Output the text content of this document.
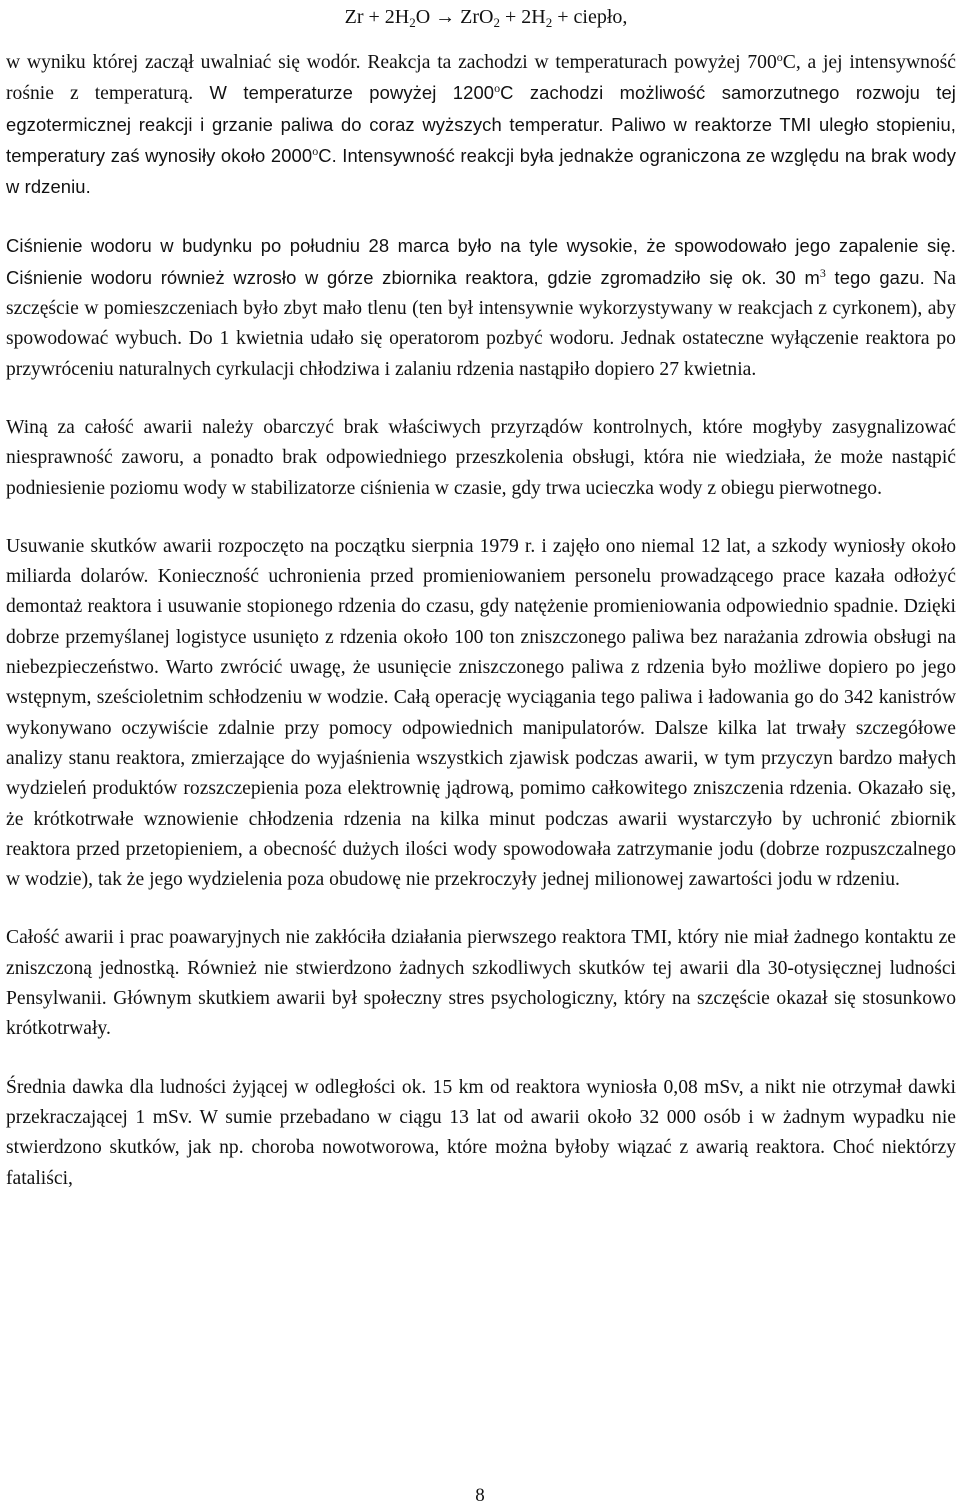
$Zr + 2H_2O \to ZrO_2 + 2H_2$ + ciepło,

w wyniku której zaczął uwalniać się wodór. Reakcja ta zachodzi w temperaturach powyżej 700$^o$C, a jej intensywność rośnie z temperaturą. W temperaturze powyżej 1200$^o$C zachodzi możliwość samorzutnego rozwoju tej egzotermicznej reakcji i grzanie paliwa do coraz wyższych temperatur. Paliwo w reaktorze TMI uległo stopieniu, temperatury zaś wynosiły około 2000$^o$C. Intensywność reakcji była jednakże ograniczona ze względu na brak wody w rdzeniu.

Ciśnienie wodoru w budynku po południu 28 marca było na tyle wysokie, że spowodowało jego zapalenie się. Ciśnienie wodoru również wzrosło w górze zbiornika reaktora, gdzie zgromadziło się ok. 30 $m^3$ tego gazu. Na szczęście w pomieszczeniach było zbyt mało tlenu (ten był intensywnie wykorzystywany w reakcjach z cyrkonem), aby spowodować wybuch. Do 1 kwietnia udało się operatorom pozbyć wodoru. Jednak ostateczne wyłączenie reaktora po przywróceniu naturalnych cyrkulacji chłodziwa i zalaniu rdzenia nastąpiło dopiero 27 kwietnia.

Winą za całość awarii należy obarczyć brak właściwych przyrządów kontrolnych, które mogłyby zasygnalizować niesprawność zaworu, a ponadto brak odpowiedniego przeszkolenia obsługi, która nie wiedziała, że może nastąpić podniesienie poziomu wody w stabilizatorze ciśnienia w czasie, gdy trwa ucieczka wody z obiegu pierwotnego.

Usuwanie skutków awarii rozpoczęto na początku sierpnia 1979 r. i zajęło ono niemal 12 lat, a szkody wyniosły około miliarda dolarów. Konieczność uchronienia przed promieniowaniem personelu prowadzącego prace kazała odłożyć demontaż reaktora i usuwanie stopionego rdzenia do czasu, gdy natężenie promieniowania odpowiednio spadnie. Dzięki dobrze przemyślanej logistyce usunięto z rdzenia około 100 ton zniszczonego paliwa bez narażania zdrowia obsługi na niebezpieczeństwo. Warto zwrócić uwagę, że usunięcie zniszczonego paliwa z rdzenia było możliwe dopiero po jego wstępnym, sześcioletnim schłodzeniu w wodzie. Całą operację wyciągania tego paliwa i ładowania go do 342 kanistrów wykonywano oczywiście zdalnie przy pomocy odpowiednich manipulatorów. Dalsze kilka lat trwały szczegółowe analizy stanu reaktora, zmierzające do wyjaśnienia wszystkich zjawisk podczas awarii, w tym przyczyn bardzo małych wydzieleń produktów rozszczepienia poza elektrownię jądrową, pomimo całkowitego zniszczenia rdzenia. Okazało się, że krótkotrwałe wznowienie chłodzenia rdzenia na kilka minut podczas awarii wystarczyło by uchronić zbiornik reaktora przed przetopieniem, a obecność dużych ilości wody spowodowała zatrzymanie jodu (dobrze rozpuszczalnego w wodzie), tak że jego wydzielenia poza obudowę nie przekroczyły jednej milionowej zawartości jodu w rdzeniu.

Całość awarii i prac poawaryjnych nie zakłóciła działania pierwszego reaktora TMI, który nie miał żadnego kontaktu ze zniszczoną jednostką. Również nie stwierdzono żadnych szkodliwych skutków tej awarii dla 30-otysięcznej ludności Pensylwanii. Głównym skutkiem awarii był społeczny stres psychologiczny, który na szczęście okazał się stosunkowo krótkotrwały.

Średnia dawka dla ludności żyjącej w odległości ok. 15 km od reaktora wyniosła 0,08 mSv, a nikt nie otrzymał dawki przekraczającej 1 mSv. W sumie przebadano w ciągu 13 lat od awarii około 32 000 osób i w żadnym wypadku nie stwierdzono skutków, jak np. choroba nowotworowa, które można byłoby wiązać z awarią reaktora. Choć niektórzy fataliści,

8
